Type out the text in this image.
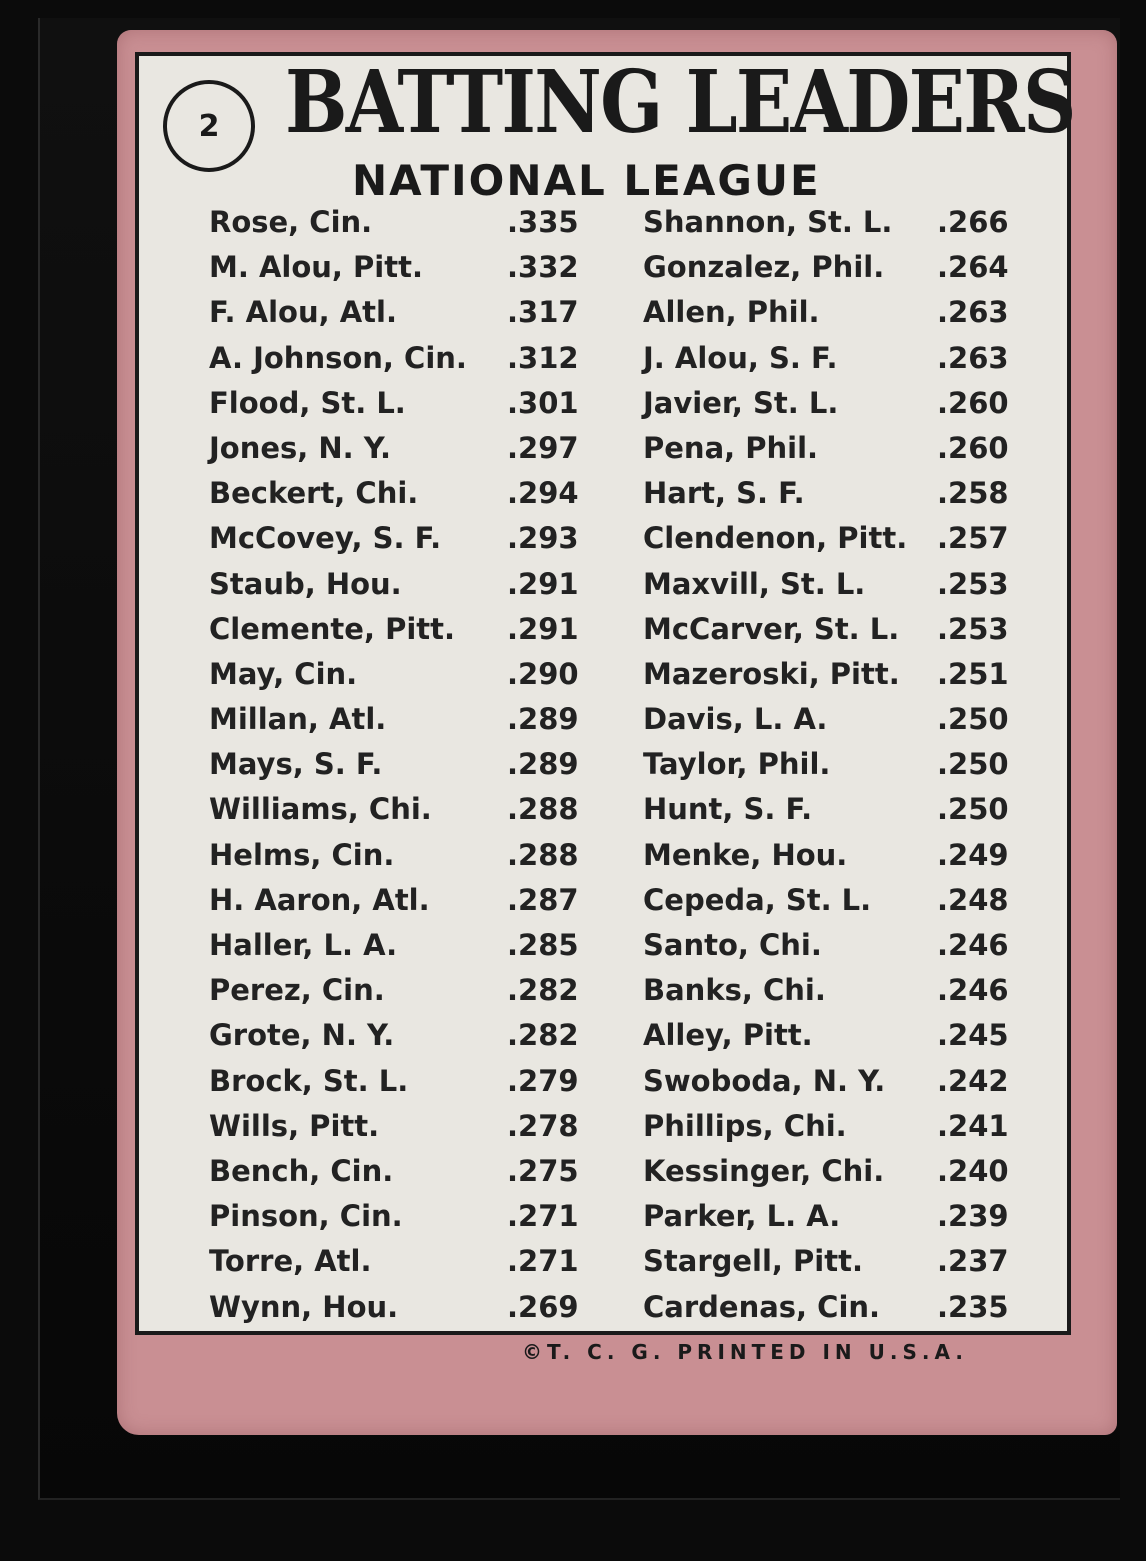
2 BATTING LEADERS
NATIONAL LEAGUE
Rose, Cin.	.335
M. Alou, Pitt.	.332
F. Alou, Atl.	.317
A. Johnson, Cin. .312
Flood, St. L.	.301
Jones, N. Y.	.297
Beckert, Chi.	.294
McCovey, S. F. .293
Staub, Hou.	.291
Clemente, Pitt. .291
May, Cin.	.290
Millan, Atl.	.289
Mays, S. F.	.289
Williams, Chi.	.288
Helms, Cin.	.288
H. Aaron, Atl.	.287
Haller, L. A.	.285
Perez, Cin.	.282
Grote, N. Y.	.282
Brock, St. L.	.279
Wills, Pitt.	.278
Bench, Cin.	.275
Pinson, Cin.	.271
Torre, Atl.	.271
Wynn, Hou.	.269
Shannon, St. L. .266
Gonzalez, Phil. .264
Allen, Phil.	.263
J. Alou, S. F.	.263
Javier, St. L.	.260
Pena, Phil.	.260
Hart, S. F.	.258
Clendenon, Pitt. .257
Maxvill, St. L. .253
McCarver, St. L. .253
Mazeroski, Pitt. .251
Davis, L. A.	.250
Taylor, Phil.	.250
Hunt, S. F.	.250
Menke, Hou.	.249
Cepeda, St. L. .248
Santo, Chi.	.246
Banks, Chi.	.246
Alley, Pitt.	.245
Swoboda, N. Y. .242
Phillips, Chi.	.241
Kessinger, Chi. .240
Parker, L. A.	.239
Stargell, Pitt.	.237
Cardenas, Cin. .235
©T. C. G. PRINTED IN U.S.A.
